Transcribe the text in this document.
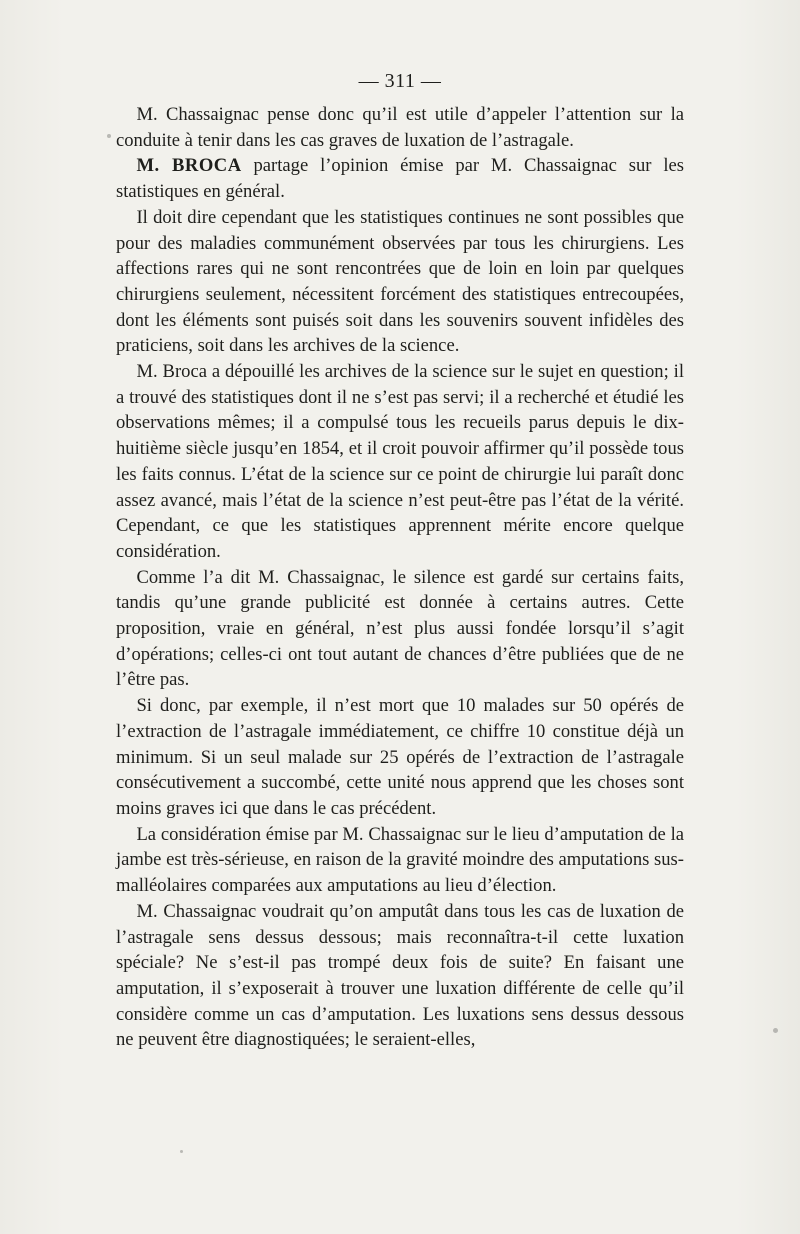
— 311 —

M. Chassaignac pense donc qu’il est utile d’appeler l’attention sur la conduite à tenir dans les cas graves de luxation de l’astragale.

M. BROCA partage l’opinion émise par M. Chassaignac sur les statistiques en général.

Il doit dire cependant que les statistiques continues ne sont possibles que pour des maladies communément observées par tous les chirurgiens. Les affections rares qui ne sont rencontrées que de loin en loin par quelques chirurgiens seulement, nécessitent forcément des statistiques entrecoupées, dont les éléments sont puisés soit dans les souvenirs souvent infidèles des praticiens, soit dans les archives de la science.

M. Broca a dépouillé les archives de la science sur le sujet en question; il a trouvé des statistiques dont il ne s’est pas servi; il a recherché et étudié les observations mêmes; il a compulsé tous les recueils parus depuis le dix-huitième siècle jusqu’en 1854, et il croit pouvoir affirmer qu’il possède tous les faits connus. L’état de la science sur ce point de chirurgie lui paraît donc assez avancé, mais l’état de la science n’est peut-être pas l’état de la vérité. Cependant, ce que les statistiques apprennent mérite encore quelque considération.

Comme l’a dit M. Chassaignac, le silence est gardé sur certains faits, tandis qu’une grande publicité est donnée à certains autres. Cette proposition, vraie en général, n’est plus aussi fondée lorsqu’il s’agit d’opérations; celles-ci ont tout autant de chances d’être publiées que de ne l’être pas.

Si donc, par exemple, il n’est mort que 10 malades sur 50 opérés de l’extraction de l’astragale immédiatement, ce chiffre 10 constitue déjà un minimum. Si un seul malade sur 25 opérés de l’extraction de l’astragale consécutivement a succombé, cette unité nous apprend que les choses sont moins graves ici que dans le cas précédent.

La considération émise par M. Chassaignac sur le lieu d’amputation de la jambe est très-sérieuse, en raison de la gravité moindre des amputations sus-malléolaires comparées aux amputations au lieu d’élection.

M. Chassaignac voudrait qu’on amputât dans tous les cas de luxation de l’astragale sens dessus dessous; mais reconnaîtra-t-il cette luxation spéciale? Ne s’est-il pas trompé deux fois de suite? En faisant une amputation, il s’exposerait à trouver une luxation différente de celle qu’il considère comme un cas d’amputation. Les luxations sens dessus dessous ne peuvent être diagnostiquées; le seraient-elles,
